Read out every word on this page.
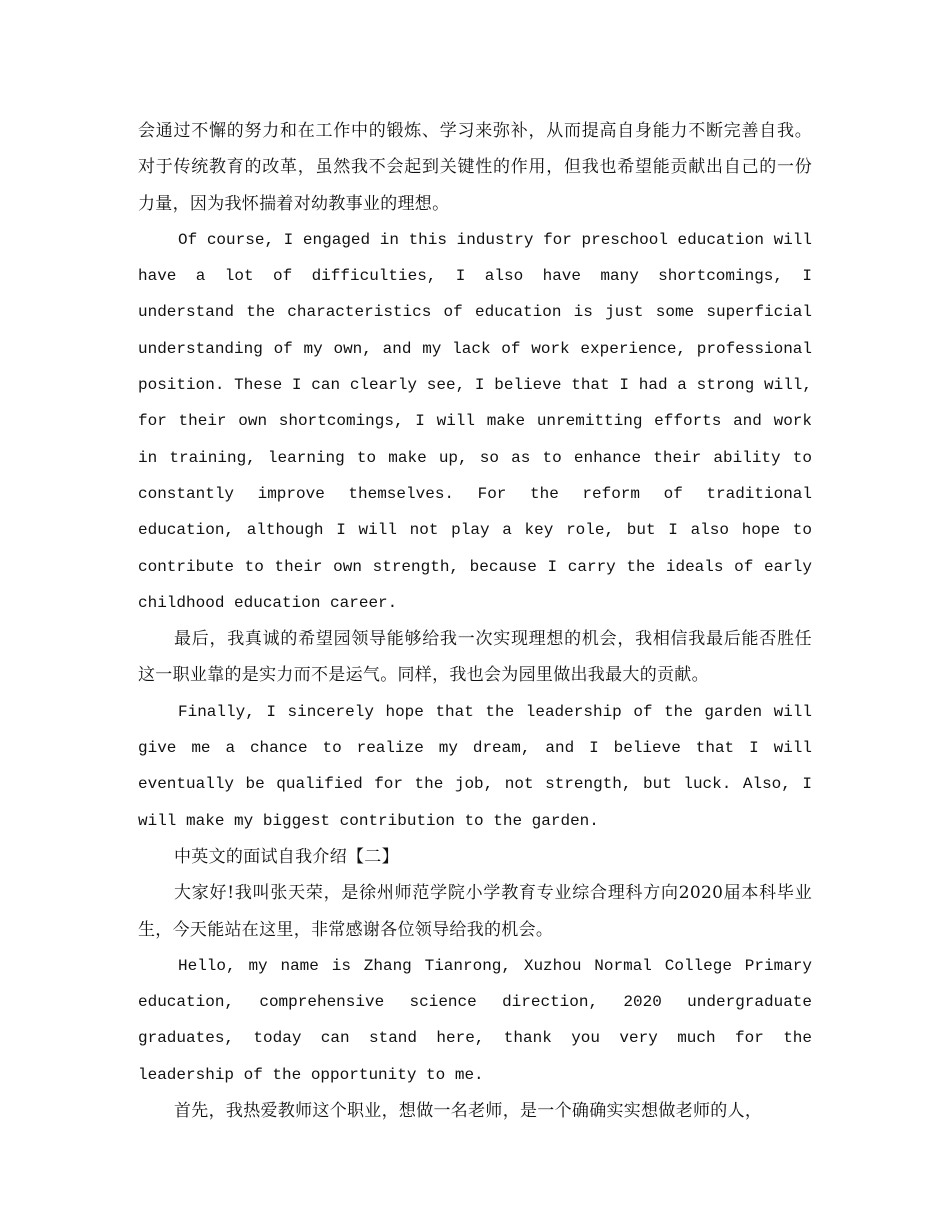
会通过不懈的努力和在工作中的锻炼、学习来弥补，从而提高自身能力不断完善自我。对于传统教育的改革，虽然我不会起到关键性的作用，但我也希望能贡献出自己的一份力量，因为我怀揣着对幼教事业的理想。

Of course, I engaged in this industry for preschool education will have a lot of difficulties, I also have many shortcomings, I understand the characteristics of education is just some superficial understanding of my own, and my lack of work experience, professional position. These I can clearly see, I believe that I had a strong will, for their own shortcomings, I will make unremitting efforts and work in training, learning to make up, so as to enhance their ability to constantly improve themselves. For the reform of traditional education, although I will not play a key role, but I also hope to contribute to their own strength, because I carry the ideals of early childhood education career.

最后，我真诚的希望园领导能够给我一次实现理想的机会，我相信我最后能否胜任这一职业靠的是实力而不是运气。同样，我也会为园里做出我最大的贡献。

Finally, I sincerely hope that the leadership of the garden will give me a chance to realize my dream, and I believe that I will eventually be qualified for the job, not strength, but luck. Also, I will make my biggest contribution to the garden.

中英文的面试自我介绍【二】

大家好!我叫张天荣，是徐州师范学院小学教育专业综合理科方向2020届本科毕业生，今天能站在这里，非常感谢各位领导给我的机会。

Hello, my name is Zhang Tianrong, Xuzhou Normal College Primary education, comprehensive science direction, 2020 undergraduate graduates, today can stand here, thank you very much for the leadership of the opportunity to me.

首先，我热爱教师这个职业，想做一名老师，是一个确确实实想做老师的人，
